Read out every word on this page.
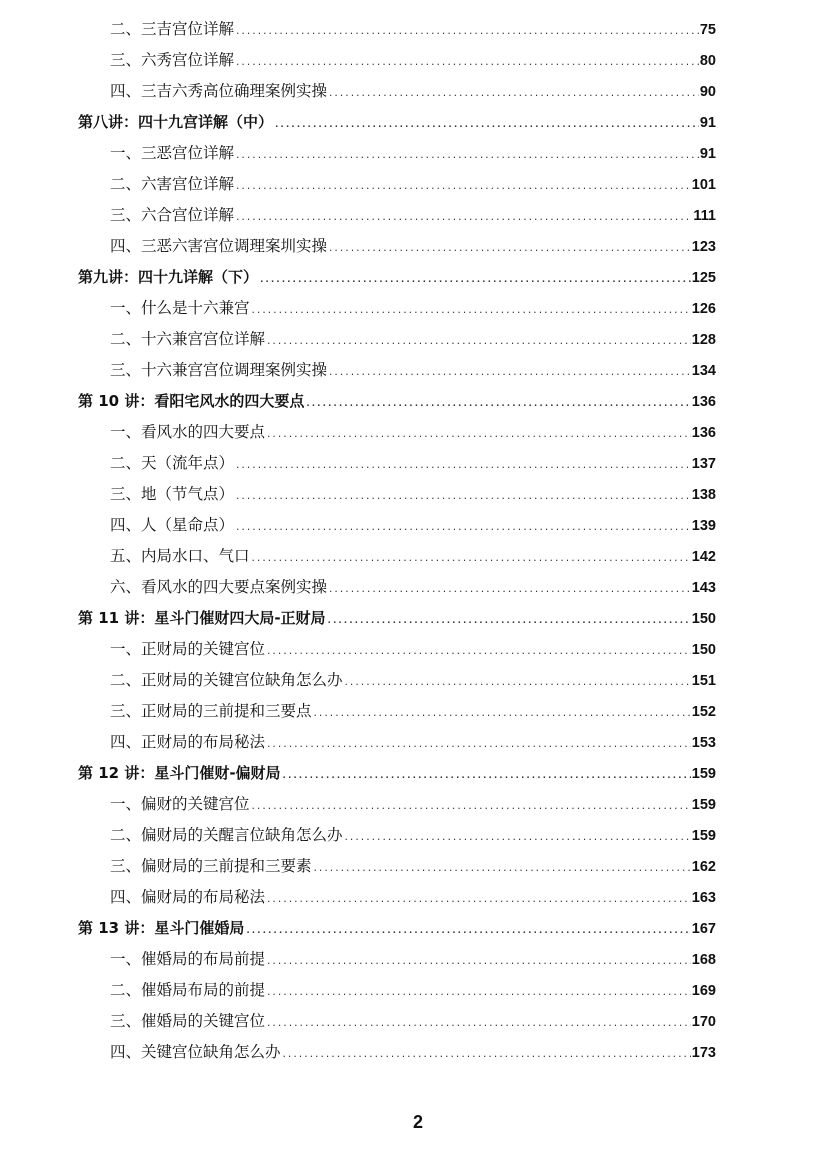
二、三吉宫位详解 .....	75
三、六秀宫位详解 .....	80
四、三吉六秀高位确理案例实操 .....	90
第八讲：四十九宫详解（中） .....	91
一、三恶宫位详解 .....	91
二、六害宫位详解 .....	101
三、六合宫位详解 .....	111
四、三恶六害宫位调理案圳实操 .....	123
第九讲：四十九详解（下） .....	125
一、什么是十六兼宫 .....	126
二、十六兼宫宫位详解 .....	128
三、十六兼宫宫位调理案例实操 .....	134
第 10 讲：看阳宅风水的四大要点 .....	136
一、看风水的四大要点 .....	136
二、天（流年点） .....	137
三、地（节气点） .....	138
四、人（星命点） .....	139
五、内局水口、气口 .....	142
六、看风水的四大要点案例实操 .....	143
第 11 讲：星斗门催财四大局-正财局 .....	150
一、正财局的关键宫位 .....	150
二、正财局的关键宫位缺角怎么办 .....	151
三、正财局的三前提和三要点 .....	152
四、正财局的布局秘法 .....	153
第 12 讲：星斗门催财-偏财局 .....	159
一、偏财的关键宫位 .....	159
二、偏财局的关醒言位缺角怎么办 .....	159
三、偏财局的三前提和三要素 .....	162
四、偏财局的布局秘法 .....	163
第 13 讲：星斗门催婚局 .....	167
一、催婚局的布局前提 .....	168
二、催婚局布局的前提 .....	169
三、催婚局的关键宫位 .....	170
四、关键宫位缺角怎么办 .....	173
2
